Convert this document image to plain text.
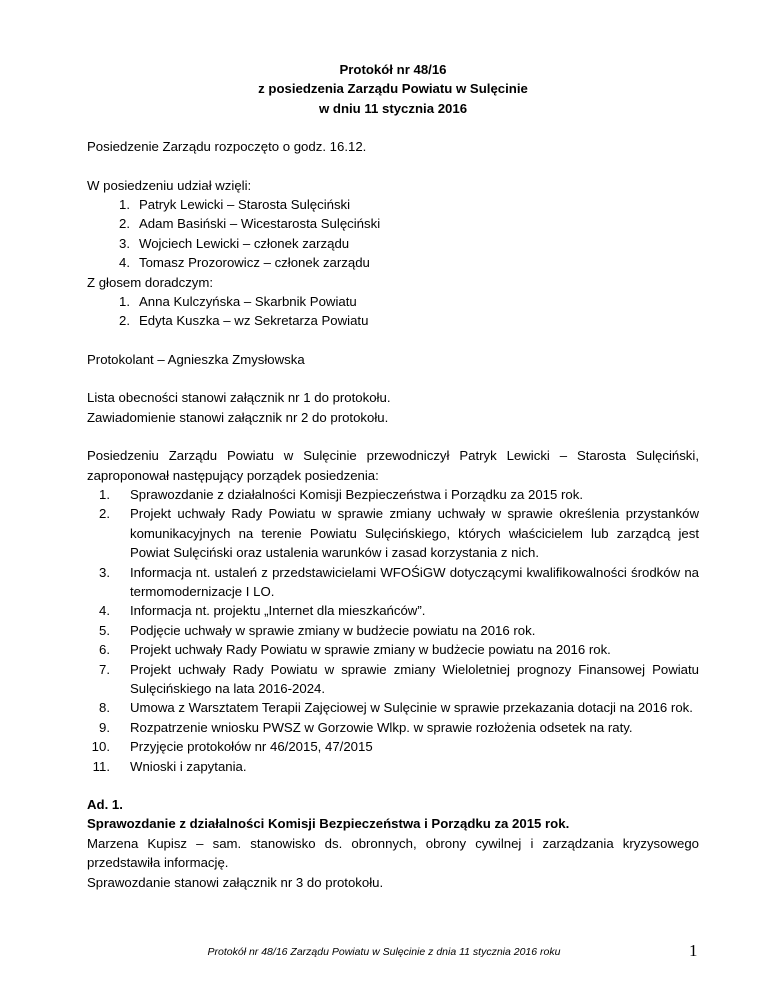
Protokół nr 48/16
z posiedzenia Zarządu Powiatu w Sulęcinie
w dniu 11 stycznia 2016
Posiedzenie Zarządu rozpoczęto o godz. 16.12.
W posiedzeniu udział wzięli:
1. Patryk Lewicki – Starosta Sulęciński
2. Adam Basiński – Wicestarosta Sulęciński
3. Wojciech Lewicki – członek zarządu
4. Tomasz Prozorowicz – członek zarządu
Z głosem doradczym:
1. Anna Kulczyńska – Skarbnik Powiatu
2. Edyta Kuszka – wz Sekretarza Powiatu
Protokolant – Agnieszka Zmysłowska
Lista obecności stanowi załącznik nr 1 do protokołu.
Zawiadomienie stanowi załącznik nr 2 do protokołu.
Posiedzeniu Zarządu Powiatu w Sulęcinie przewodniczył Patryk Lewicki – Starosta Sulęciński, zaproponował następujący porządek posiedzenia:
1.	Sprawozdanie z działalności Komisji Bezpieczeństwa i Porządku za 2015 rok.
2.	Projekt uchwały Rady Powiatu w sprawie zmiany uchwały w sprawie określenia przystanków komunikacyjnych na terenie Powiatu Sulęcińskiego, których właścicielem lub zarządcą jest Powiat Sulęciński oraz ustalenia warunków i zasad korzystania z nich.
3.	Informacja nt. ustaleń z przedstawicielami WFOŚiGW dotyczącymi kwalifikowalności środków na termomodernizacje I LO.
4.	Informacja nt. projektu „Internet dla mieszkańców”.
5.	Podjęcie uchwały w sprawie zmiany w budżecie powiatu na 2016 rok.
6.	Projekt uchwały Rady Powiatu w sprawie zmiany w budżecie powiatu na 2016 rok.
7.	Projekt uchwały Rady Powiatu w sprawie zmiany Wieloletniej prognozy Finansowej Powiatu Sulęcińskiego na lata 2016-2024.
8.	Umowa z Warsztatem Terapii Zajęciowej w Sulęcinie w sprawie przekazania dotacji na 2016 rok.
9.	Rozpatrzenie wniosku PWSZ w Gorzowie Wlkp. w sprawie rozłożenia odsetek na raty.
10.	Przyjęcie protokołów nr 46/2015, 47/2015
11.	Wnioski i zapytania.
Ad. 1.
Sprawozdanie z działalności Komisji Bezpieczeństwa i Porządku za 2015 rok.
Marzena Kupisz – sam. stanowisko ds. obronnych, obrony cywilnej i zarządzania kryzysowego przedstawiła informację.
Sprawozdanie stanowi załącznik nr 3 do protokołu.
Protokół nr 48/16 Zarządu Powiatu w Sulęcinie z dnia 11 stycznia 2016 roku	1
